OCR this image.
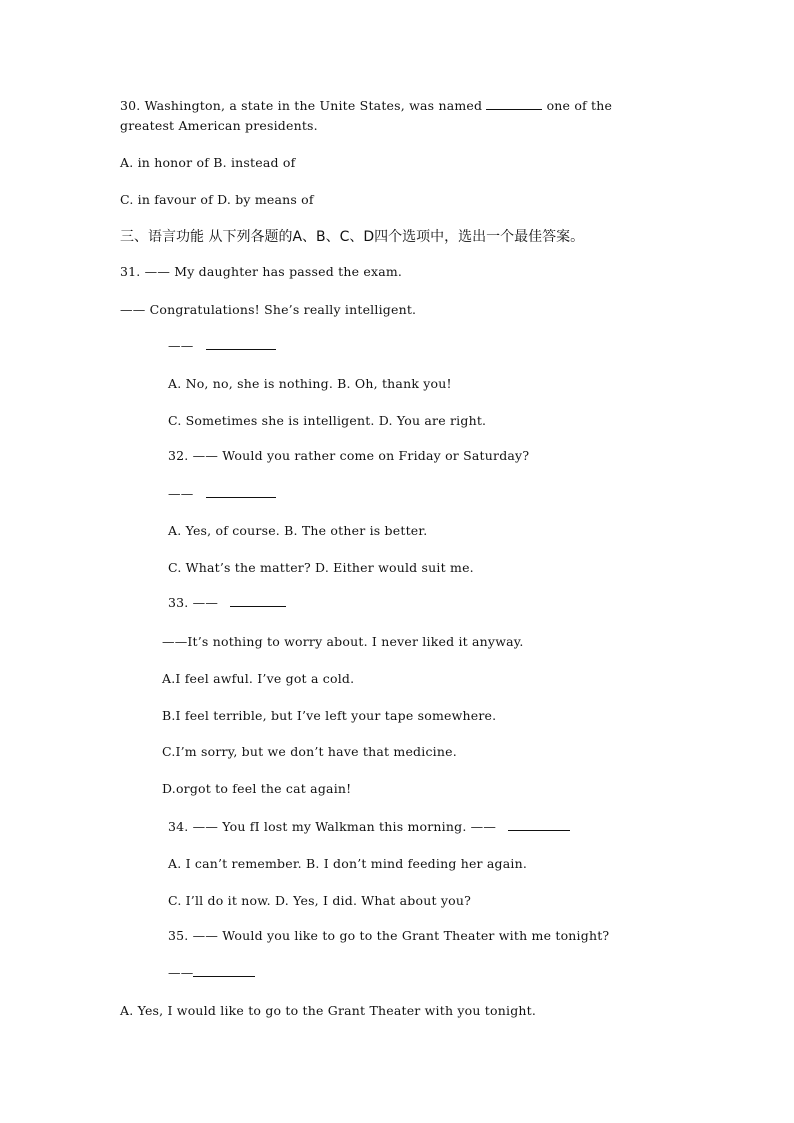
30. Washington, a state in the Unite States, was named	one of the
greatest American presidents.
A. in honor of B. instead of
C. in favour of D. by means of
三、语言功能 从下列各题的A、B、C、D四个选项中，选出一个最佳答案。
31. —— My daughter has passed the exam.
—— Congratulations! She’s really intelligent.
——
A. No, no, she is nothing. B. Oh, thank you!
C. Sometimes she is intelligent. D. You are right.
32. —— Would you rather come on Friday or Saturday?
——
A. Yes, of course. B. The other is better.
C. What’s the matter? D. Either would suit me.
33. ——
——It’s nothing to worry about. I never liked it anyway.
A.I feel awful. I’ve got a cold.
B.I feel terrible, but I’ve left your tape somewhere.
C.I’m sorry, but we don’t have that medicine.
D.orgot to feel the cat again!
34. —— You fI lost my Walkman this morning. ——
A. I can’t remember. B. I don’t mind feeding her again.
C. I’ll do it now. D. Yes, I did. What about you?
35. —— Would you like to go to the Grant Theater with me tonight?
——
A. Yes, I would like to go to the Grant Theater with you tonight.
